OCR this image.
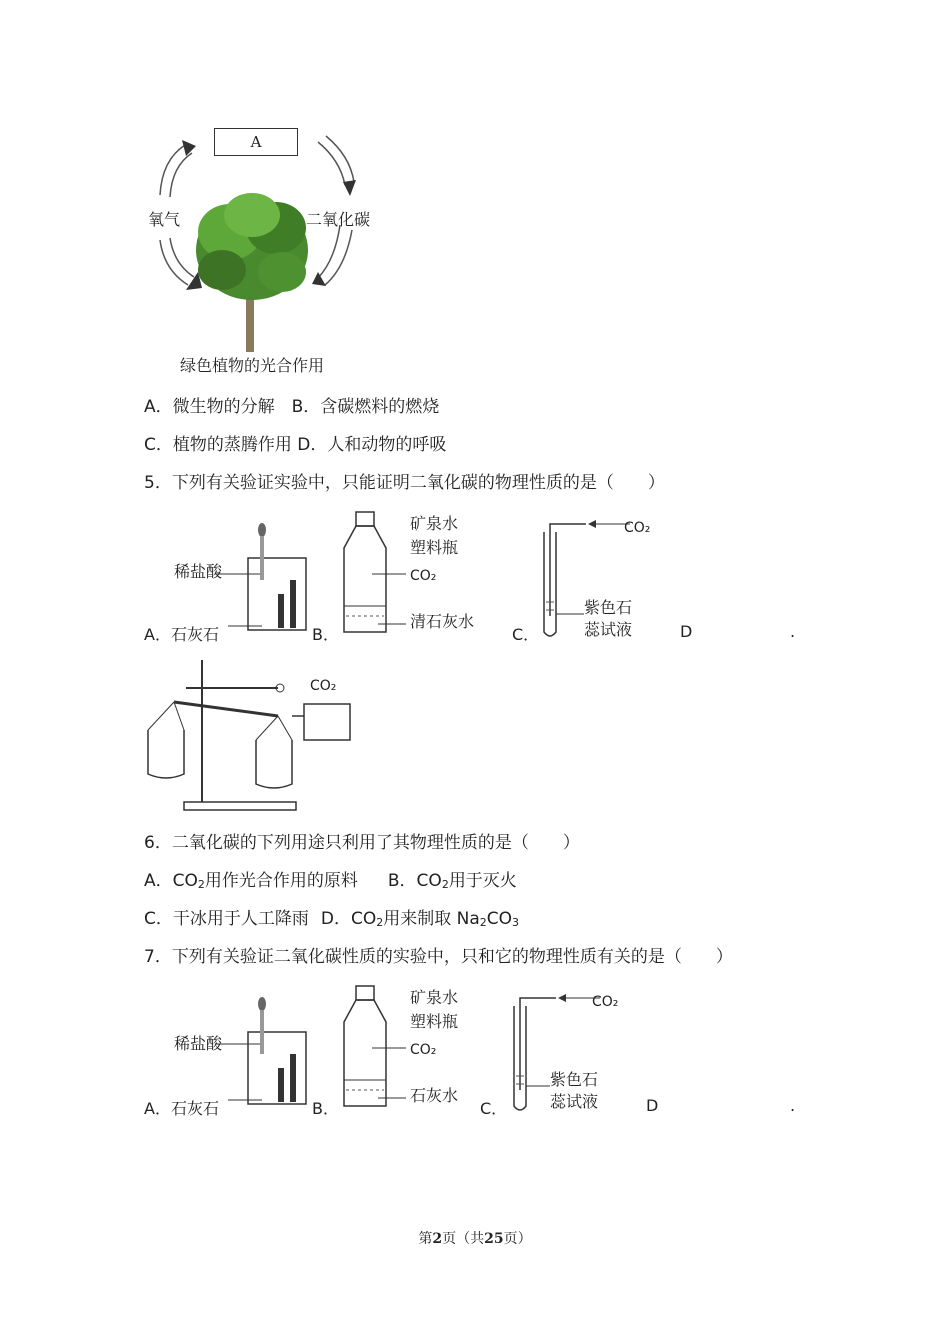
A
氧气	二氧化碳
绿色植物的光合作用
A．微生物的分解　B．含碳燃料的燃烧
C．植物的蒸腾作用 D．人和动物的呼吸
5．下列有关验证实验中，只能证明二氧化碳的物理性质的是（　　）
稀盐酸
矿泉水
塑料瓶
CO₂
清石灰水
CO₂
紫色石
蕊试液
A．石灰石	B．	C．	D	.
CO₂
6．二氧化碳的下列用途只利用了其物理性质的是（　　）
A．$CO_2$用作光合作用的原料 B．$CO_2$用于灭火
C．干冰用于人工降雨 D．$CO_2$用来制取 $Na_2CO_3$
7．下列有关验证二氧化碳性质的实验中，只和它的物理性质有关的是（　　）
稀盐酸
矿泉水
塑料瓶
CO₂
石灰水
CO₂
紫色石
蕊试液
A．石灰石	B．	C．	D	.
第2页（共25页）
